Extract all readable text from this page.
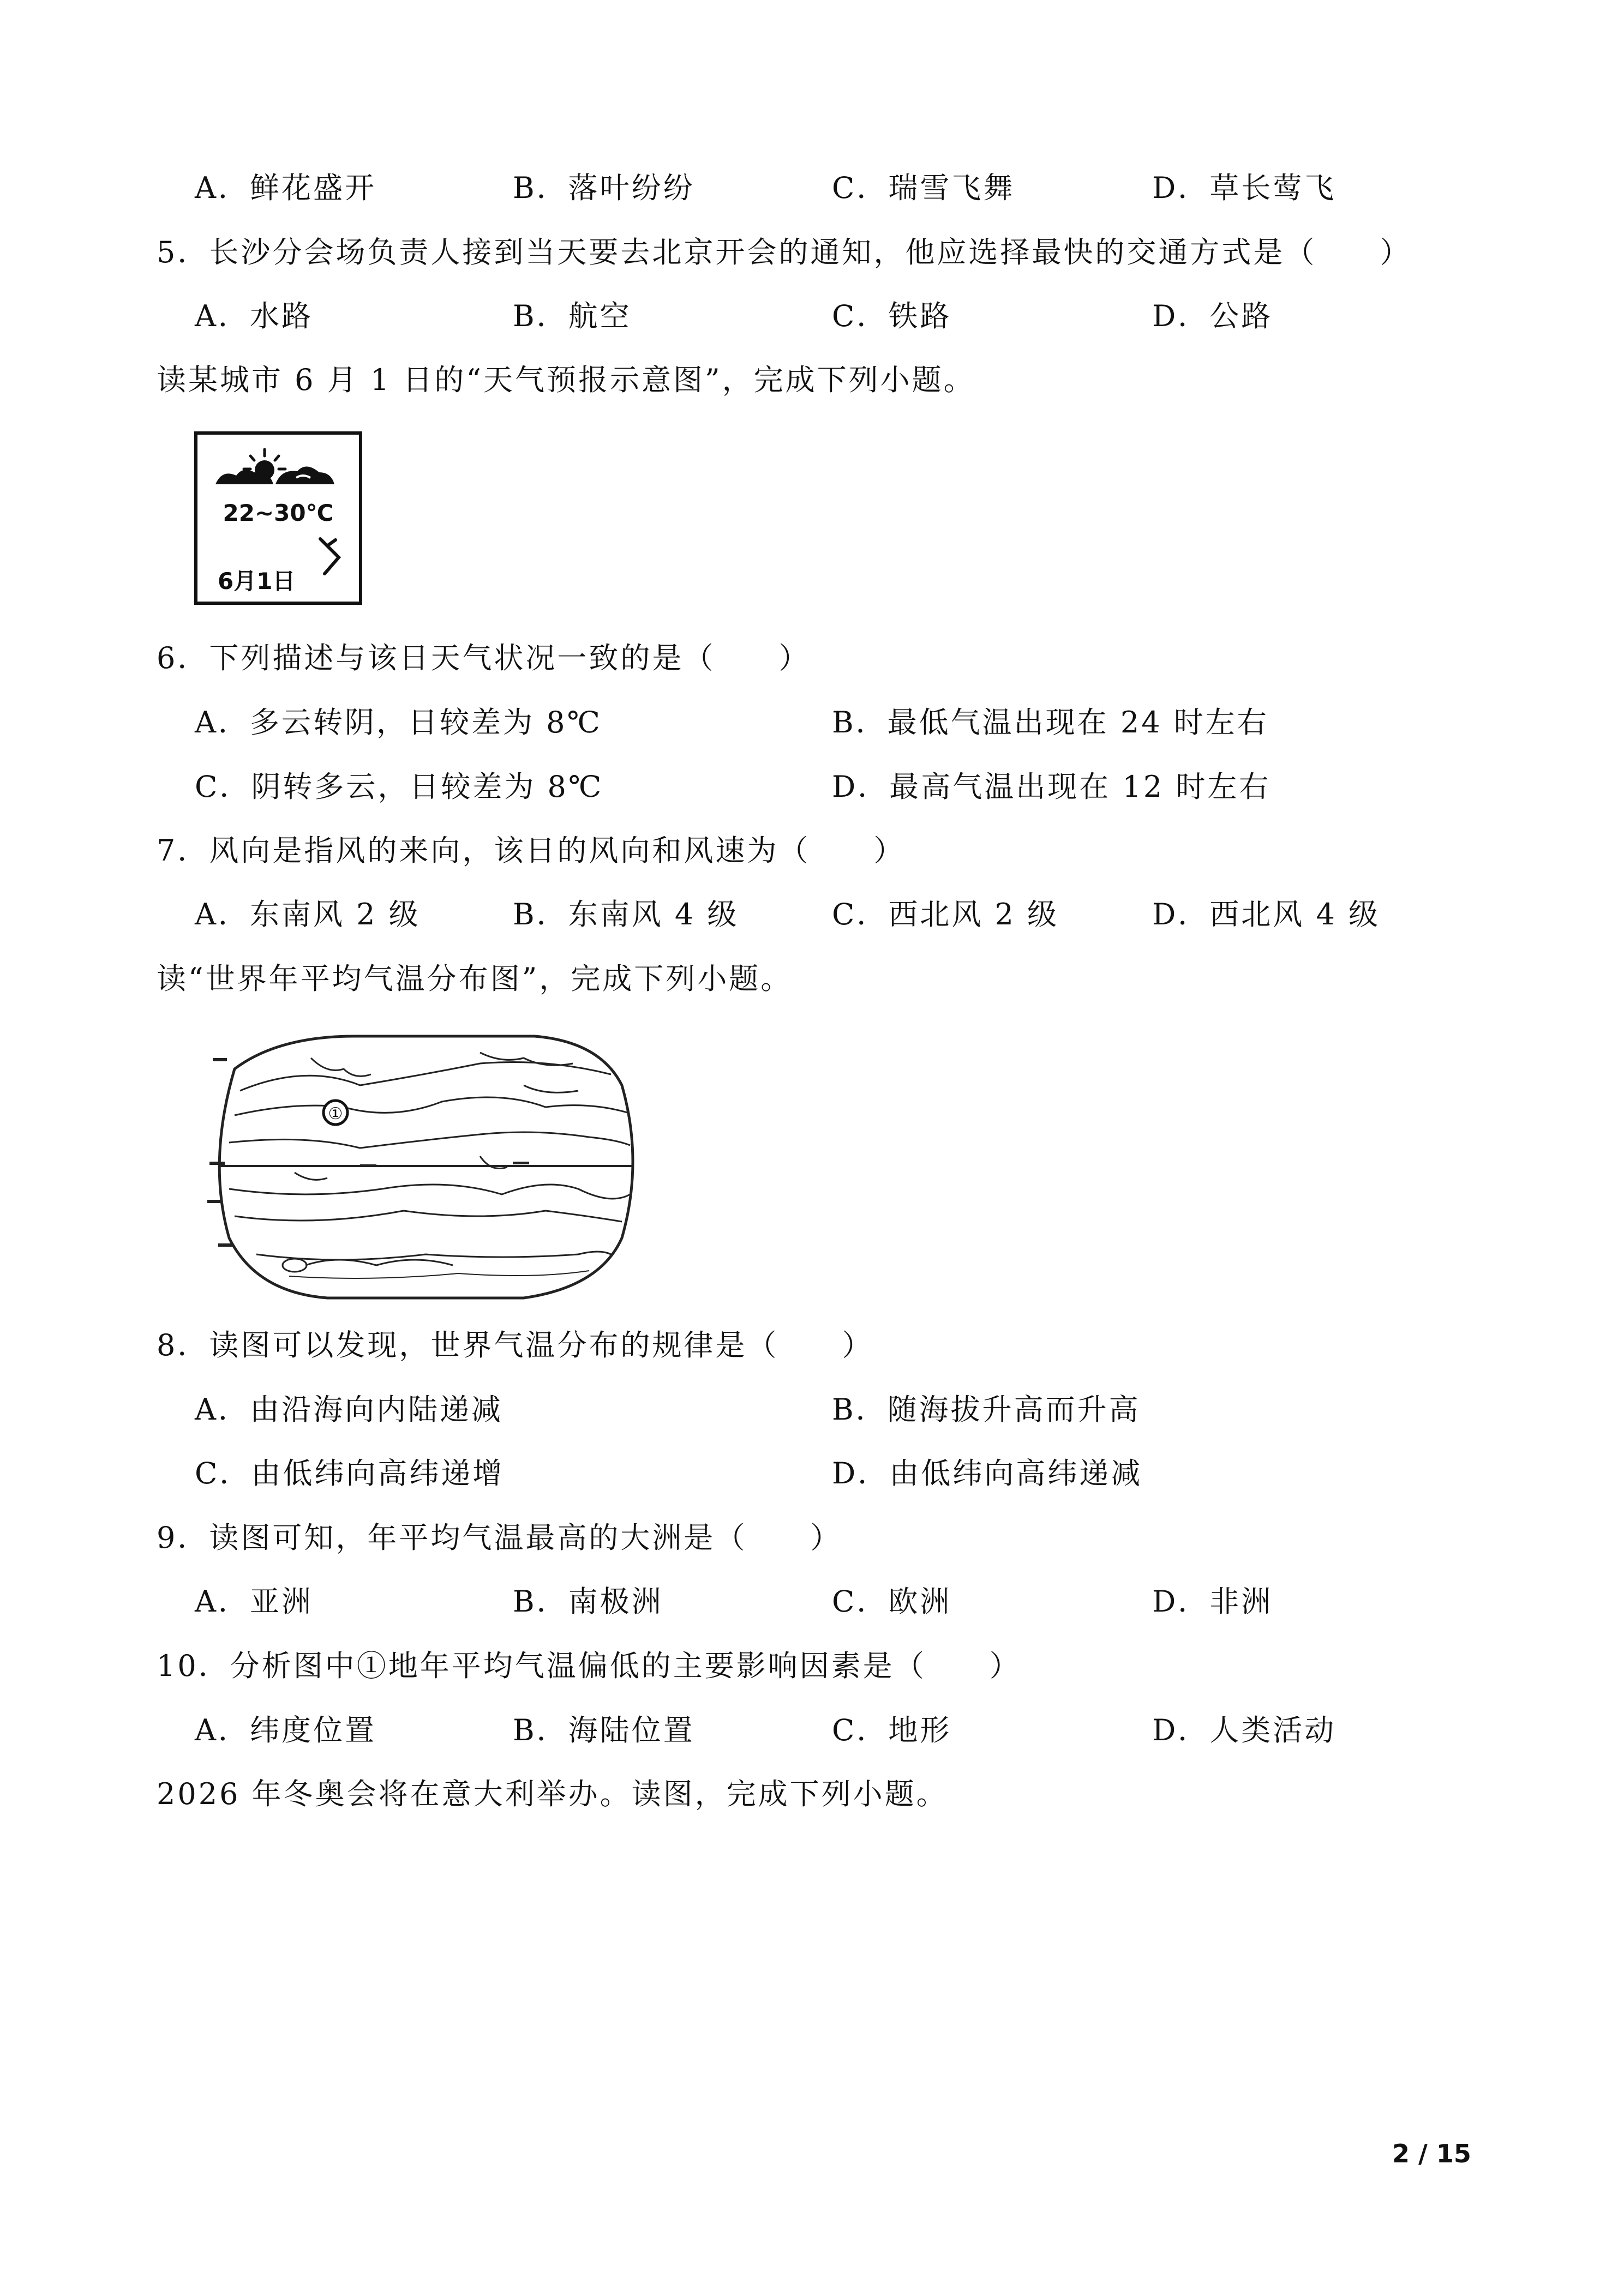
A．鲜花盛开	B．落叶纷纷	C．瑞雪飞舞	D．草长莺飞
5．长沙分会场负责人接到当天要去北京开会的通知，他应选择最快的交通方式是（　　）
A．水路	B．航空	C．铁路	D．公路
读某城市 6 月 1 日的“天气预报示意图”，完成下列小题。
22~30℃
6月1日
6．下列描述与该日天气状况一致的是（　　）
A．多云转阴，日较差为 8℃	B．最低气温出现在 24 时左右
C．阴转多云，日较差为 8℃	D．最高气温出现在 12 时左右
7．风向是指风的来向，该日的风向和风速为（　　）
A．东南风 2 级	B．东南风 4 级	C．西北风 2 级	D．西北风 4 级
读“世界年平均气温分布图”，完成下列小题。
①
8．读图可以发现，世界气温分布的规律是（　　）
A．由沿海向内陆递减	B．随海拔升高而升高
C．由低纬向高纬递增	D．由低纬向高纬递减
9．读图可知，年平均气温最高的大洲是（　　）
A．亚洲	B．南极洲	C．欧洲	D．非洲
10．分析图中①地年平均气温偏低的主要影响因素是（　　）
A．纬度位置	B．海陆位置	C．地形	D．人类活动
2026 年冬奥会将在意大利举办。读图，完成下列小题。
2 / 15
